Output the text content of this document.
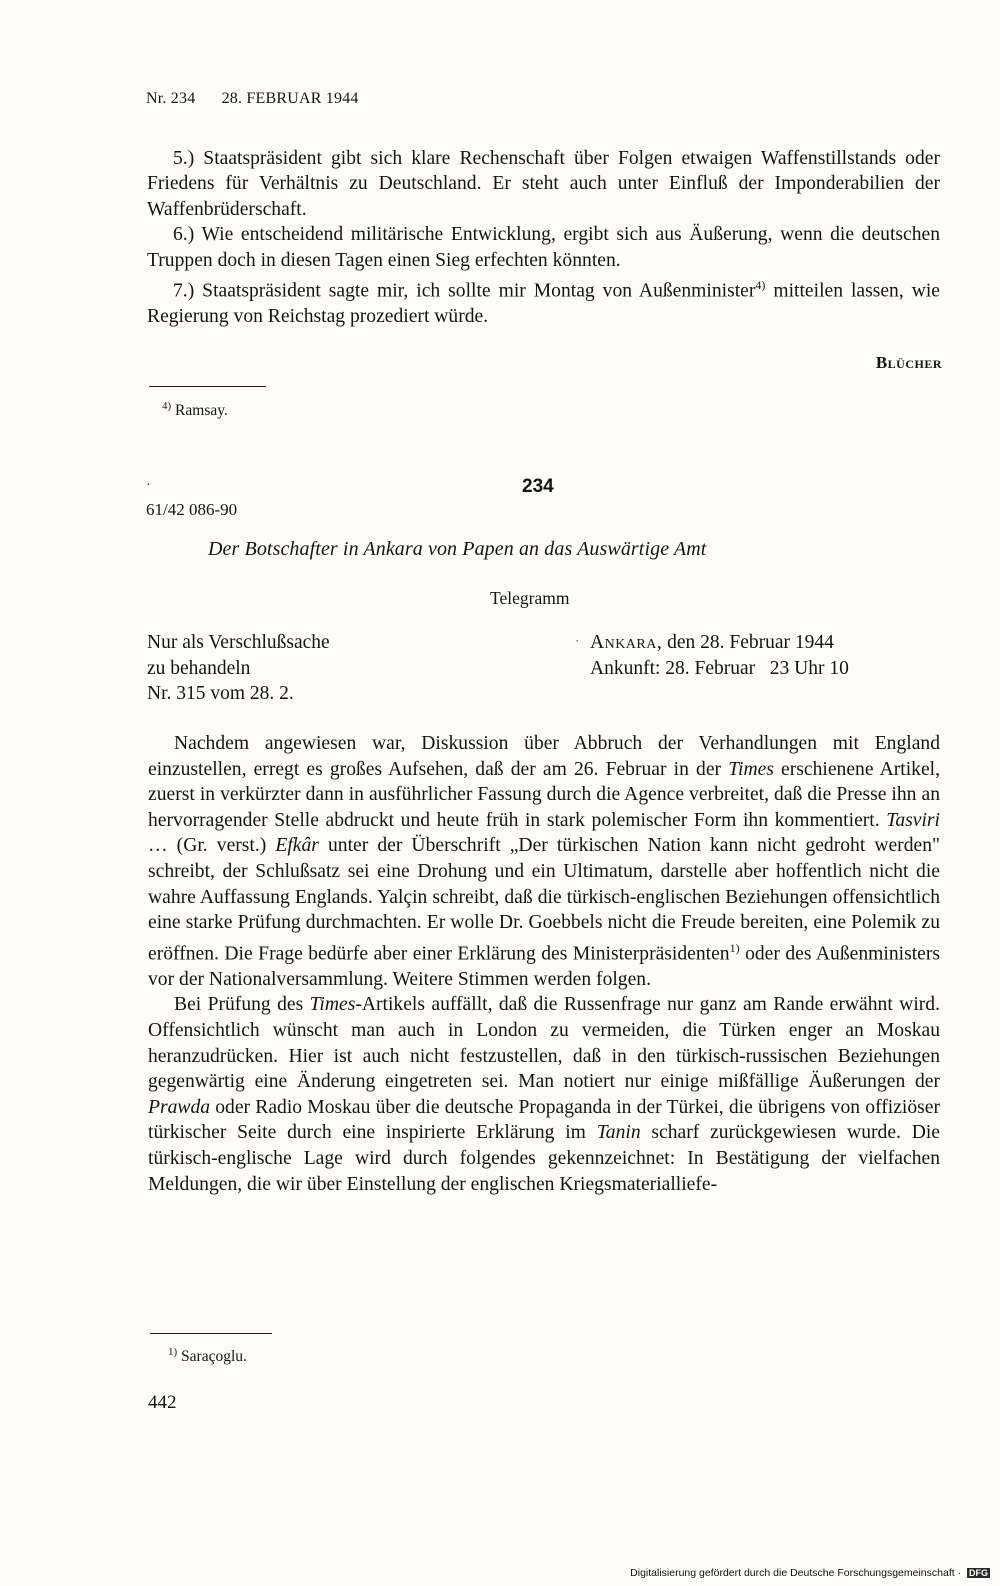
Nr. 234 28. FEBRUAR 1944

5.) Staatspräsident gibt sich klare Rechenschaft über Folgen etwaigen Waffenstillstands oder Friedens für Verhältnis zu Deutschland. Er steht auch unter Einfluß der Imponderabilien der Waffenbrüderschaft.

6.) Wie entscheidend militärische Entwicklung, ergibt sich aus Äußerung, wenn die deutschen Truppen doch in diesen Tagen einen Sieg erfechten könnten.

7.) Staatspräsident sagte mir, ich sollte mir Montag von Außenminister$^{4)}$ mitteilen lassen, wie Regierung von Reichstag prozediert würde.

Blücher
$^{4)}$ Ramsay.
·	234
61/42 086-90
Der Botschafter in Ankara von Papen an das Auswärtige Amt
Telegramm
Nur als Verschlußsache
zu behandeln
Nr. 315 vom 28. 2.
· Ankara, den 28. Februar 1944
Ankunft: 28. Februar   23 Uhr 10

Nachdem angewiesen war, Diskussion über Abbruch der Verhandlungen mit England einzustellen, erregt es großes Aufsehen, daß der am 26. Februar in der Times erschienene Artikel, zuerst in verkürzter dann in ausführlicher Fassung durch die Agence verbreitet, daß die Presse ihn an hervorragender Stelle abdruckt und heute früh in stark polemischer Form ihn kommentiert. Tasviri … (Gr. verst.) Efkâr unter der Überschrift „Der türkischen Nation kann nicht gedroht werden" schreibt, der Schlußsatz sei eine Drohung und ein Ultimatum, darstelle aber hoffentlich nicht die wahre Auffassung Englands. Yalçin schreibt, daß die türkisch-englischen Beziehungen offensichtlich eine starke Prüfung durchmachten. Er wolle Dr. Goebbels nicht die Freude bereiten, eine Polemik zu eröffnen. Die Frage bedürfe aber einer Erklärung des Ministerpräsidenten$^{1)}$ oder des Außenministers vor der Nationalversammlung. Weitere Stimmen werden folgen.

Bei Prüfung des Times-Artikels auffällt, daß die Russenfrage nur ganz am Rande erwähnt wird. Offensichtlich wünscht man auch in London zu vermeiden, die Türken enger an Moskau heranzudrücken. Hier ist auch nicht festzustellen, daß in den türkisch-russischen Beziehungen gegenwärtig eine Änderung eingetreten sei. Man notiert nur einige mißfällige Äußerungen der Prawda oder Radio Moskau über die deutsche Propaganda in der Türkei, die übrigens von offiziöser türkischer Seite durch eine inspirierte Erklärung im Tanin scharf zurückgewiesen wurde. Die türkisch-englische Lage wird durch folgendes gekennzeichnet: In Bestätigung der vielfachen Meldungen, die wir über Einstellung der englischen Kriegsmaterialliefe-

$^{1)}$ Saraçoglu.
442
Digitalisierung gefördert durch die Deutsche Forschungsgemeinschaft · DFG
